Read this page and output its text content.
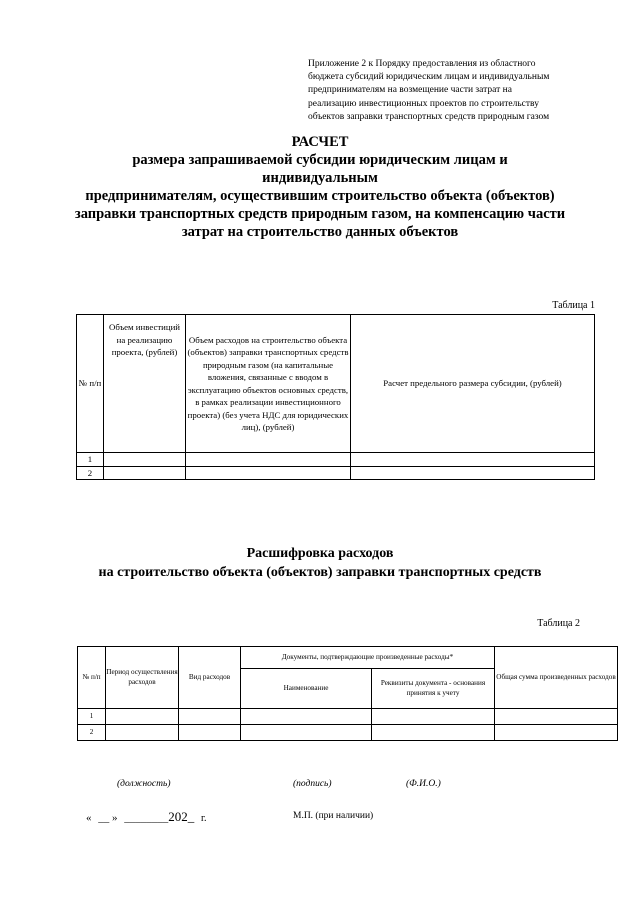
Приложение 2 к Порядку предоставления из областного
бюджета субсидий юридическим лицам и индивидуальным
предпринимателям на возмещение части затрат на
реализацию инвестиционных проектов по строительству
объектов заправки транспортных средств природным газом
РАСЧЕТ
размера запрашиваемой субсидии юридическим лицам и
индивидуальным
предпринимателям, осуществившим строительство объекта (объектов)
заправки транспортных средств природным газом, на компенсацию части
затрат на строительство данных объектов
Таблица 1
№ п/п	Объем инвестиций на реализацию проекта, (рублей)	Объем расходов на строительство объекта (объектов) заправки транспортных средств природным газом (на капитальные вложения, связанные с вводом в эксплуатацию объектов основных средств, в рамках реализации инвестиционного проекта) (без учета НДС для юридических лиц), (рублей)	Расчет предельного размера субсидии, (рублей)
1			
2			
Расшифровка расходов
на строительство объекта (объектов) заправки транспортных средств
Таблица 2
№ п/п	Период осуществления расходов	Вид расходов	Документы, подтверждающие произведенные расходы*		Общая сумма произведенных расходов
			Наименование	Реквизиты документа - основания принятия к учету	
1					
2					
(должность)	(подпись)	(Ф.И.О.)
« __ » ________202_ г.	М.П. (при наличии)
